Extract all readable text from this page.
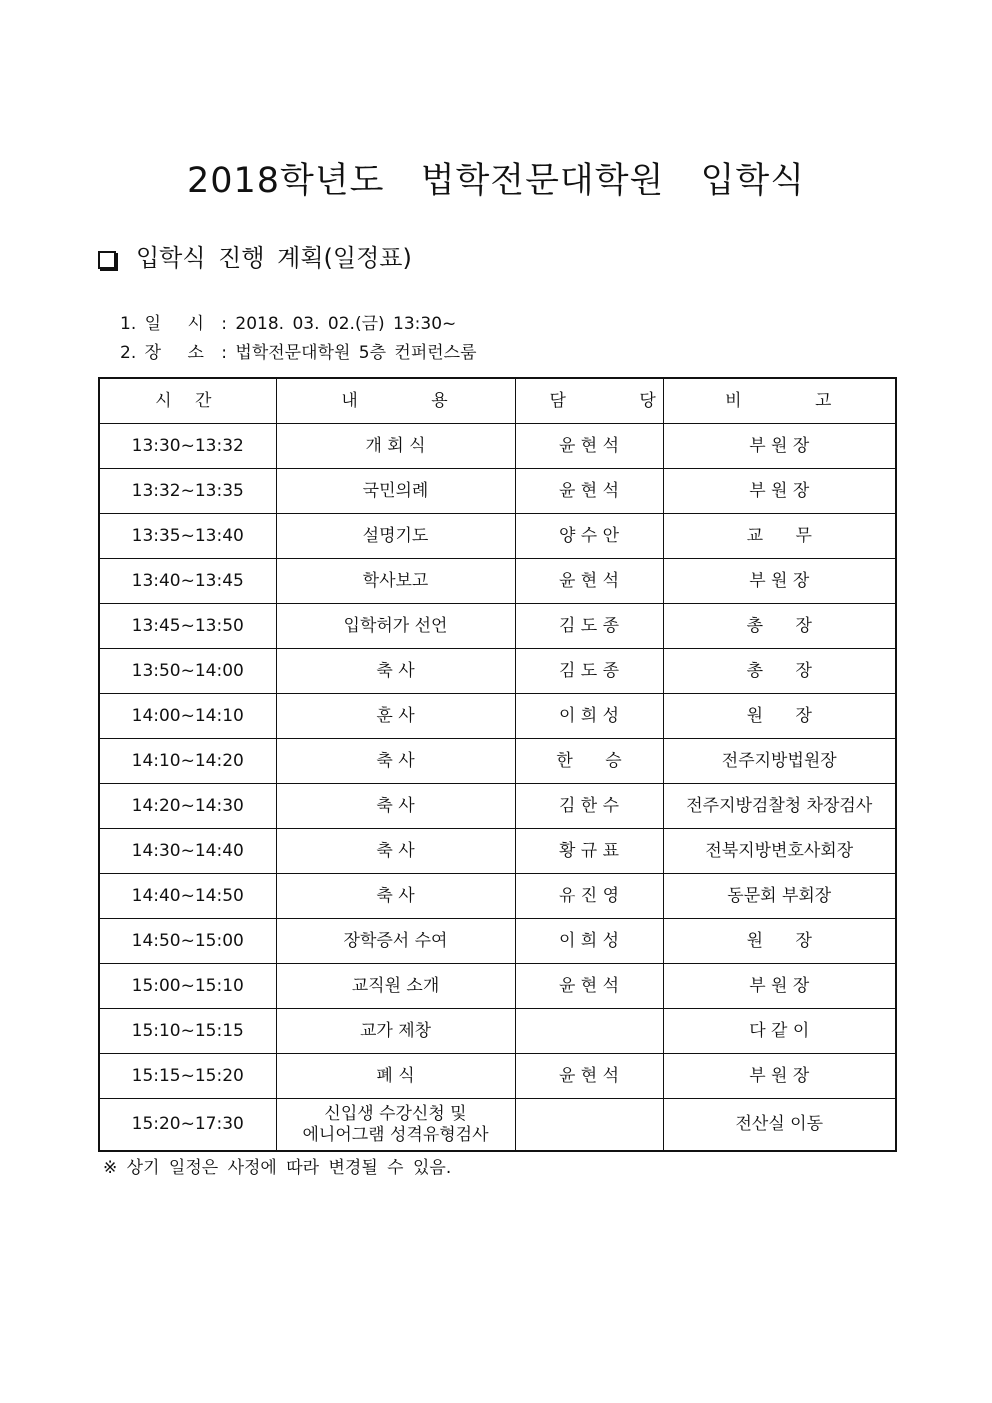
2018학년도  법학전문대학원  입학식
입학식 진행 계획(일정표)
1. 일 시 : 2018. 03. 02.(금) 13:30~
2. 장 소 : 법학전문대학원 5층 컨퍼런스룸
시 간	내 용	담 당	비 고
13:30~13:32	개 회 식	윤 현 석	부 원 장
13:32~13:35	국민의례	윤 현 석	부 원 장
13:35~13:40	설명기도	양 수 안	교      무
13:40~13:45	학사보고	윤 현 석	부 원 장
13:45~13:50	입학허가 선언	김 도 종	총      장
13:50~14:00	축 사	김 도 종	총      장
14:00~14:10	훈 사	이 희 성	원      장
14:10~14:20	축 사	한      승	전주지방법원장
14:20~14:30	축 사	김 한 수	전주지방검찰청 차장검사
14:30~14:40	축 사	황 규 표	전북지방변호사회장
14:40~14:50	축 사	유 진 영	동문회 부회장
14:50~15:00	장학증서 수여	이 희 성	원      장
15:00~15:10	교직원 소개	윤 현 석	부 원 장
15:10~15:15	교가 제창		다 같 이
15:15~15:20	폐 식	윤 현 석	부 원 장
15:20~17:30	신입생 수강신청 및
에니어그램 성격유형검사		전산실 이동
※ 상기 일정은 사정에 따라 변경될 수 있음.
